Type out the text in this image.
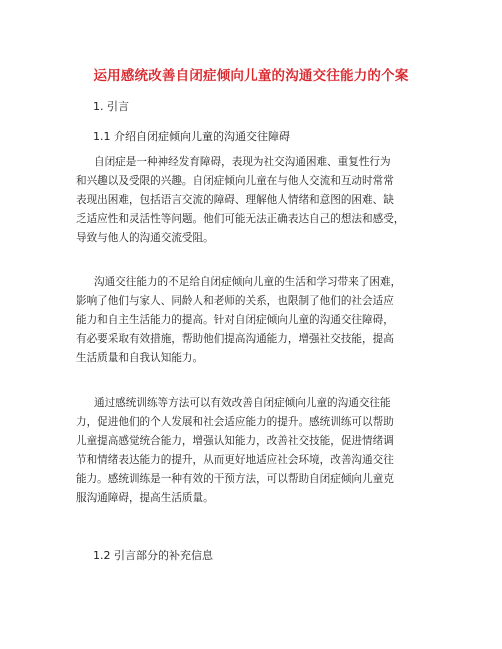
运用感统改善自闭症倾向儿童的沟通交往能力的个案
1. 引言
1.1 介绍自闭症倾向儿童的沟通交往障碍
自闭症是一种神经发育障碍，表现为社交沟通困难、重复性行为
和兴趣以及受限的兴趣。自闭症倾向儿童在与他人交流和互动时常常
表现出困难，包括语言交流的障碍、理解他人情绪和意图的困难、缺
乏适应性和灵活性等问题。他们可能无法正确表达自己的想法和感受，
导致与他人的沟通交流受阻。
沟通交往能力的不足给自闭症倾向儿童的生活和学习带来了困难，
影响了他们与家人、同龄人和老师的关系，也限制了他们的社会适应
能力和自主生活能力的提高。针对自闭症倾向儿童的沟通交往障碍，
有必要采取有效措施，帮助他们提高沟通能力，增强社交技能，提高
生活质量和自我认知能力。
通过感统训练等方法可以有效改善自闭症倾向儿童的沟通交往能
力，促进他们的个人发展和社会适应能力的提升。感统训练可以帮助
儿童提高感觉统合能力，增强认知能力，改善社交技能，促进情绪调
节和情绪表达能力的提升，从而更好地适应社会环境，改善沟通交往
能力。感统训练是一种有效的干预方法，可以帮助自闭症倾向儿童克
服沟通障碍，提高生活质量。
1.2 引言部分的补充信息
